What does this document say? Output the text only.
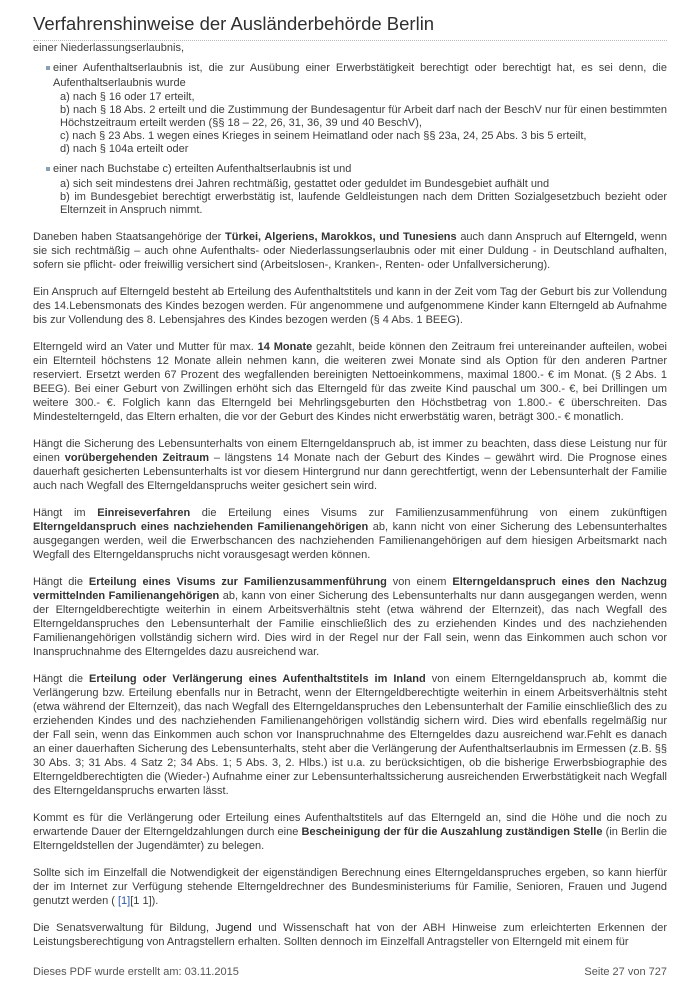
Verfahrenshinweise der Ausländerbehörde Berlin

einer Niederlassungserlaubnis,

einer Aufenthaltserlaubnis ist, die zur Ausübung einer Erwerbstätigkeit berechtigt oder berechtigt hat, es sei denn, die Aufenthaltserlaubnis wurde
a) nach § 16 oder 17 erteilt,
b) nach § 18 Abs. 2 erteilt und die Zustimmung der Bundesagentur für Arbeit darf nach der BeschV nur für einen bestimmten Höchstzeitraum erteilt werden (§§ 18 – 22, 26, 31, 36, 39 und 40 BeschV),
c) nach § 23 Abs. 1 wegen eines Krieges in seinem Heimatland oder nach §§ 23a, 24, 25 Abs. 3 bis 5 erteilt,
d) nach § 104a erteilt oder
einer nach Buchstabe c) erteilten Aufenthaltserlaubnis ist und
a) sich seit mindestens drei Jahren rechtmäßig, gestattet oder geduldet im Bundesgebiet aufhält und
b) im Bundesgebiet berechtigt erwerbstätig ist, laufende Geldleistungen nach dem Dritten Sozialgesetzbuch bezieht oder Elternzeit in Anspruch nimmt.

Daneben haben Staatsangehörige der Türkei, Algeriens, Marokkos, und Tunesiens auch dann Anspruch auf Elterngeld, wenn sie sich rechtmäßig – auch ohne Aufenthalts- oder Niederlassungserlaubnis oder mit einer Duldung - in Deutschland aufhalten, sofern sie pflicht- oder freiwillig versichert sind (Arbeitslosen-, Kranken-, Renten- oder Unfallversicherung).

Ein Anspruch auf Elterngeld besteht ab Erteilung des Aufenthaltstitels und kann in der Zeit vom Tag der Geburt bis zur Vollendung des 14.Lebensmonats des Kindes bezogen werden. Für angenommene und aufgenommene Kinder kann Elterngeld ab Aufnahme bis zur Vollendung des 8. Lebensjahres des Kindes bezogen werden (§ 4 Abs. 1 BEEG).

Elterngeld wird an Vater und Mutter für max. 14 Monate gezahlt, beide können den Zeitraum frei untereinander aufteilen, wobei ein Elternteil höchstens 12 Monate allein nehmen kann, die weiteren zwei Monate sind als Option für den anderen Partner reserviert. Ersetzt werden 67 Prozent des wegfallenden bereinigten Nettoeinkommens, maximal 1800.- € im Monat. (§ 2 Abs. 1 BEEG). Bei einer Geburt von Zwillingen erhöht sich das Elterngeld für das zweite Kind pauschal um 300.- €, bei Drillingen um weitere 300.- €. Folglich kann das Elterngeld bei Mehrlingsgeburten den Höchstbetrag von 1.800.- € überschreiten. Das Mindestelterngeld, das Eltern erhalten, die vor der Geburt des Kindes nicht erwerbstätig waren, beträgt 300.- € monatlich.

Hängt die Sicherung des Lebensunterhalts von einem Elterngeldanspruch ab, ist immer zu beachten, dass diese Leistung nur für einen vorübergehenden Zeitraum – längstens 14 Monate nach der Geburt des Kindes – gewährt wird. Die Prognose eines dauerhaft gesicherten Lebensunterhalts ist vor diesem Hintergrund nur dann gerechtfertigt, wenn der Lebensunterhalt der Familie auch nach Wegfall des Elterngeldanspruchs weiter gesichert sein wird.

Hängt im Einreiseverfahren die Erteilung eines Visums zur Familienzusammenführung von einem zukünftigen Elterngeldanspruch eines nachziehenden Familienangehörigen ab, kann nicht von einer Sicherung des Lebensunterhaltes ausgegangen werden, weil die Erwerbschancen des nachziehenden Familienangehörigen auf dem hiesigen Arbeitsmarkt nach Wegfall des Elterngeldanspruchs nicht vorausgesagt werden können.

Hängt die Erteilung eines Visums zur Familienzusammenführung von einem Elterngeldanspruch eines den Nachzug vermittelnden Familienangehörigen ab, kann von einer Sicherung des Lebensunterhalts nur dann ausgegangen werden, wenn der Elterngeldberechtigte weiterhin in einem Arbeitsverhältnis steht (etwa während der Elternzeit), das nach Wegfall des Elterngeldanspruches den Lebensunterhalt der Familie einschließlich des zu erziehenden Kindes und des nachziehenden Familienangehörigen vollständig sichern wird. Dies wird in der Regel nur der Fall sein, wenn das Einkommen auch schon vor Inanspruchnahme des Elterngeldes dazu ausreichend war.

Hängt die Erteilung oder Verlängerung eines Aufenthaltstitels im Inland von einem Elterngeldanspruch ab, kommt die Verlängerung bzw. Erteilung ebenfalls nur in Betracht, wenn der Elterngeldberechtigte weiterhin in einem Arbeitsverhältnis steht (etwa während der Elternzeit), das nach Wegfall des Elterngeldanspruches den Lebensunterhalt der Familie einschließlich des zu erziehenden Kindes und des nachziehenden Familienangehörigen vollständig sichern wird. Dies wird ebenfalls regelmäßig nur der Fall sein, wenn das Einkommen auch schon vor Inanspruchnahme des Elterngeldes dazu ausreichend war.Fehlt es danach an einer dauerhaften Sicherung des Lebensunterhalts, steht aber die Verlängerung der Aufenthaltserlaubnis im Ermessen (z.B. §§ 30 Abs. 3; 31 Abs. 4 Satz 2; 34 Abs. 1; 5 Abs. 3, 2. Hlbs.) ist u.a. zu berücksichtigen, ob die bisherige Erwerbsbiographie des Elterngeldberechtigten die (Wieder-) Aufnahme einer zur Lebensunterhaltssicherung ausreichenden Erwerbstätigkeit nach Wegfall des Elterngeldanspruchs erwarten lässt.

Kommt es für die Verlängerung oder Erteilung eines Aufenthaltstitels auf das Elterngeld an, sind die Höhe und die noch zu erwartende Dauer der Elterngeldzahlungen durch eine Bescheinigung der für die Auszahlung zuständigen Stelle (in Berlin die Elterngeldstellen der Jugendämter) zu belegen.

Sollte sich im Einzelfall die Notwendigkeit der eigenständigen Berechnung eines Elterngeldanspruches ergeben, so kann hierfür der im Internet zur Verfügung stehende Elterngeldrechner des Bundesministeriums für Familie, Senioren, Frauen und Jugend genutzt werden ( [1][1 1]).

Die Senatsverwaltung für Bildung, Jugend und Wissenschaft hat von der ABH Hinweise zum erleichterten Erkennen der Leistungsberechtigung von Antragstellern erhalten. Sollten dennoch im Einzelfall Antragsteller von Elterngeld mit einem für

Dieses PDF wurde erstellt am: 03.11.2015	Seite 27 von 727
